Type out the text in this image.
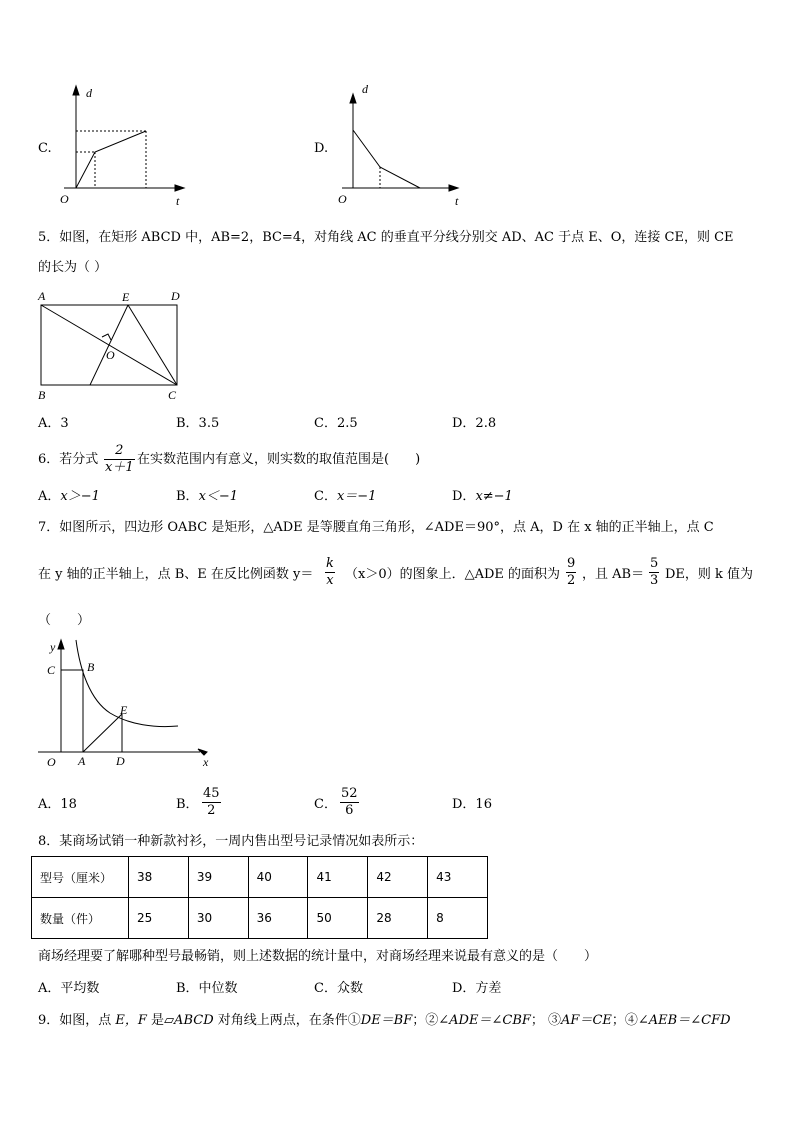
C.
d
O	t
D.
d
O	t
5．如图，在矩形 ABCD 中，AB=2，BC=4，对角线 AC 的垂直平分线分别交 AD、AC 于点 E、O，连接 CE，则 CE
的长为（ ）
A	E	D
O
B	C
A．3	B．3.5	C．2.5	D．2.8
6．若分式 $\frac{2}{x+1}$ 在实数范围内有意义，则实数的取值范围是(　　)
A．x＞−1	B．x＜−1	C．x＝−1	D．x≠−1
7．如图所示，四边形 OABC 是矩形，△ADE 是等腰直角三角形，∠ADE＝90°，点 A，D 在 x 轴的正半轴上，点 C
在 y 轴的正半轴上，点 B、E 在反比例函数 $y= \frac{k}{x} (x>0)$的图象上．△ADE 的面积为 $\frac{9}{2}$ ，且 $AB= \frac{5}{3}$ DE，则 k 值为
（　　）
y
C	B
E
O A	D	x
A．18	B． $\frac{45}{2}$	C． $\frac{52}{6}$	D．16
8．某商场试销一种新款衬衫，一周内售出型号记录情况如表所示：
型号（厘米）	38	39	40	41	42	43
数量（件）	25	30	36	50	28	8
商场经理要了解哪种型号最畅销，则上述数据的统计量中，对商场经理来说最有意义的是（　　）
A．平均数	B．中位数	C．众数	D．方差
9．如图，点 E，F 是▱ABCD 对角线上两点，在条件①DE＝BF；②∠ADE＝∠CBF； ③AF＝CE；④∠AEB＝∠CFD
